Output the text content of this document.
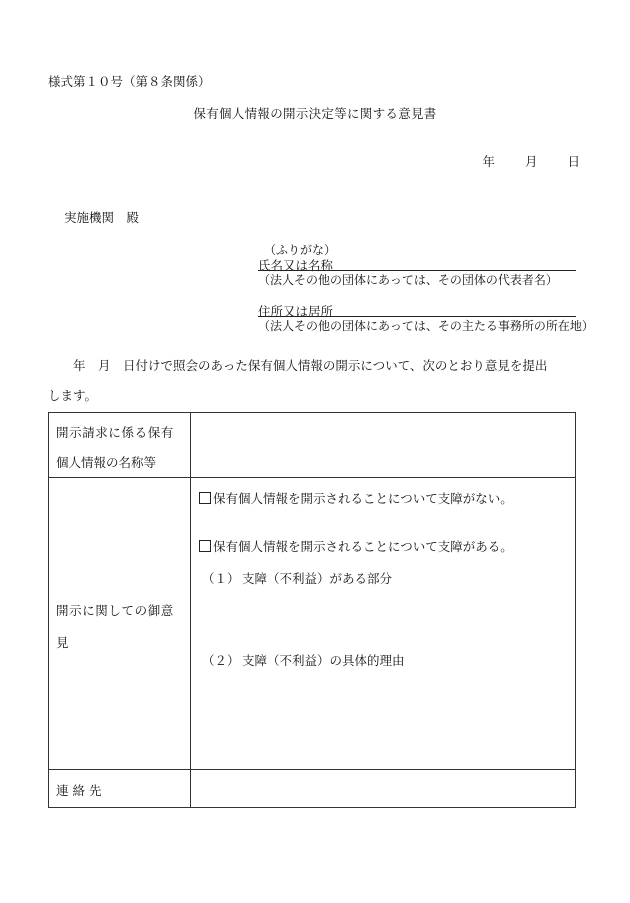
様式第１０号（第８条関係）
保有個人情報の開示決定等に関する意見書
年 月 日
実施機関　殿
（ふりがな）
氏名又は名称
（法人その他の団体にあっては、その団体の代表者名）
住所又は居所
（法人その他の団体にあっては、その主たる事務所の所在地）
　　年　月　日付けで照会のあった保有個人情報の開示について、次のとおり意見を提出
します。
開示請求に係る保有
個人情報の名称等
開示に関しての御意
見
連絡先
保有個人情報を開示されることについて支障がない。
保有個人情報を開示されることについて支障がある。
（１） 支障（不利益）がある部分
（２） 支障（不利益）の具体的理由
